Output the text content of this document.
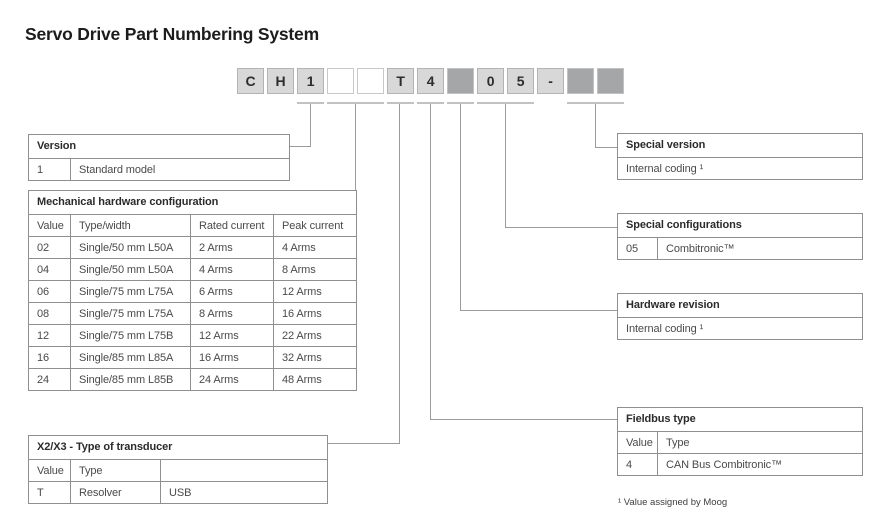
Servo Drive Part Numbering System
C	H	1	T	4	0	5	-
Version
1	Standard model
Mechanical hardware configuration
Value	Type/width	Rated current	Peak current
02	Single/50 mm L50A	2 Arms	4 Arms
04	Single/50 mm L50A	4 Arms	8 Arms
06	Single/75 mm L75A	6 Arms	12 Arms
08	Single/75 mm L75A	8 Arms	16 Arms
12	Single/75 mm L75B	12 Arms	22 Arms
16	Single/85 mm L85A	16 Arms	32 Arms
24	Single/85 mm L85B	24 Arms	48 Arms
X2/X3 - Type of transducer
Value	Type	
T	Resolver	USB
Special version
Internal coding ¹
Special configurations
05	Combitronic™
Hardware revision
Internal coding ¹
Fieldbus type
Value	Type
4	CAN Bus Combitronic™
¹ Value assigned by Moog
